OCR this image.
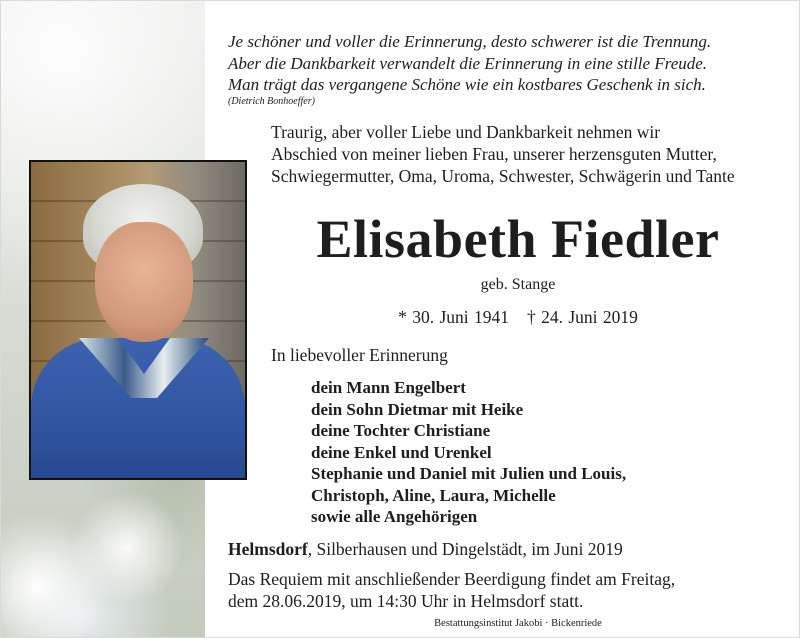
Je schöner und voller die Erinnerung, desto schwerer ist die Trennung.
Aber die Dankbarkeit verwandelt die Erinnerung in eine stille Freude.
Man trägt das vergangene Schöne wie ein kostbares Geschenk in sich.
(Dietrich Bonhoeffer)
Traurig, aber voller Liebe und Dankbarkeit nehmen wir
Abschied von meiner lieben Frau, unserer herzensguten Mutter,
Schwiegermutter, Oma, Uroma, Schwester, Schwägerin und Tante
Elisabeth Fiedler
geb. Stange
* 30. Juni 1941 † 24. Juni 2019
In liebevoller Erinnerung
dein Mann Engelbert
dein Sohn Dietmar mit Heike
deine Tochter Christiane
deine Enkel und Urenkel
Stephanie und Daniel mit Julien und Louis,
Christoph, Aline, Laura, Michelle
sowie alle Angehörigen
Helmsdorf, Silberhausen und Dingelstädt, im Juni 2019
Das Requiem mit anschließender Beerdigung findet am Freitag,
dem 28.06.2019, um 14:30 Uhr in Helmsdorf statt.
Bestattungsinstitut Jakobi · Bickenriede
